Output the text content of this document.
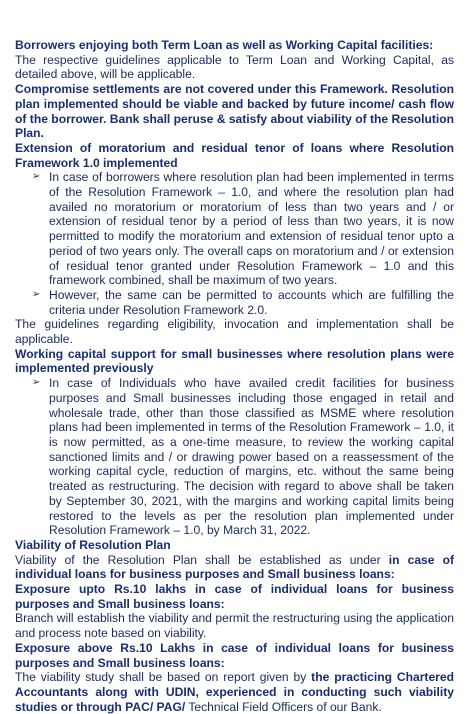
Borrowers enjoying both Term Loan as well as Working Capital facilities:

The respective guidelines applicable to Term Loan and Working Capital, as detailed above, will be applicable.

Compromise settlements are not covered under this Framework. Resolution plan implemented should be viable and backed by future income/ cash flow of the borrower. Bank shall peruse & satisfy about viability of the Resolution Plan.

Extension of moratorium and residual tenor of loans where Resolution Framework 1.0 implemented

➢ In case of borrowers where resolution plan had been implemented in terms of the Resolution Framework – 1.0, and where the resolution plan had availed no moratorium or moratorium of less than two years and / or extension of residual tenor by a period of less than two years, it is now permitted to modify the moratorium and extension of residual tenor upto a period of two years only. The overall caps on moratorium and / or extension of residual tenor granted under Resolution Framework – 1.0 and this framework combined, shall be maximum of two years.
➢ However, the same can be permitted to accounts which are fulfilling the criteria under Resolution Framework 2.0.

The guidelines regarding eligibility, invocation and implementation shall be applicable.

Working capital support for small businesses where resolution plans were implemented previously

➢ In case of Individuals who have availed credit facilities for business purposes and Small businesses including those engaged in retail and wholesale trade, other than those classified as MSME where resolution plans had been implemented in terms of the Resolution Framework – 1.0, it is now permitted, as a one-time measure, to review the working capital sanctioned limits and / or drawing power based on a reassessment of the working capital cycle, reduction of margins, etc. without the same being treated as restructuring. The decision with regard to above shall be taken by September 30, 2021, with the margins and working capital limits being restored to the levels as per the resolution plan implemented under Resolution Framework – 1.0, by March 31, 2022.

Viability of Resolution Plan

Viability of the Resolution Plan shall be established as under in case of individual loans for business purposes and Small business loans:

Exposure upto Rs.10 lakhs in case of individual loans for business purposes and Small business loans:

Branch will establish the viability and permit the restructuring using the application and process note based on viability.

Exposure above Rs.10 Lakhs in case of individual loans for business purposes and Small business loans:

The viability study shall be based on report given by the practicing Chartered Accountants along with UDIN, experienced in conducting such viability studies or through PAC/ PAG/ Technical Field Officers of our Bank.
